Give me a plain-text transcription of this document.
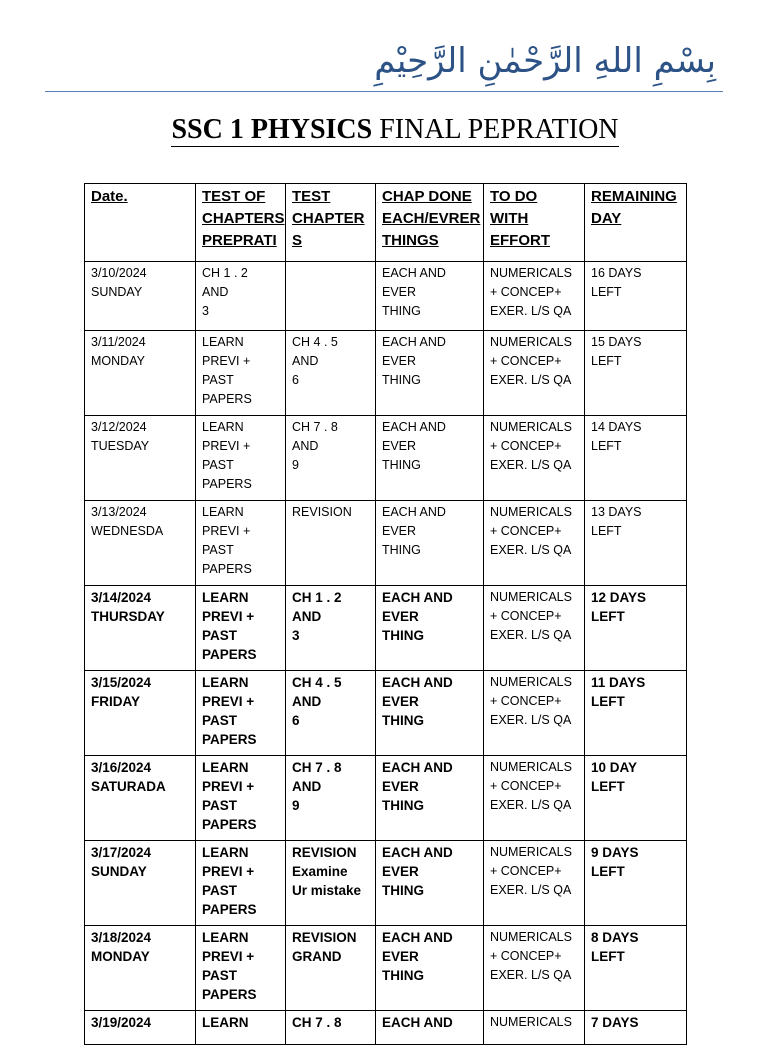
بِسْمِ اللهِ الرَّحْمٰنِ الرَّحِيْمِ
SSC 1 PHYSICS FINAL PEPRATION
Date.	TEST OF CHAPTERS PREPRATI	TEST CHAPTER S	CHAP DONE EACH/EVRER THINGS	TO DO WITH EFFORT	REMAINING DAY

3/10/2024
SUNDAY	CH 1 . 2
AND
3		EACH AND
EVER
THING	NUMERICALS
+ CONCEP+
EXER. L/S QA	16 DAYS
LEFT

3/11/2024
MONDAY	LEARN
PREVI +
PAST
PAPERS	CH 4 . 5
AND
6	EACH AND
EVER
THING	NUMERICALS
+ CONCEP+
EXER. L/S QA	15 DAYS
LEFT

3/12/2024
TUESDAY	LEARN
PREVI +
PAST
PAPERS	CH 7 . 8
AND
9	EACH AND
EVER
THING	NUMERICALS
+ CONCEP+
EXER. L/S QA	14 DAYS
LEFT

3/13/2024
WEDNESDA	LEARN
PREVI +
PAST
PAPERS	REVISION	EACH AND
EVER
THING	NUMERICALS
+ CONCEP+
EXER. L/S QA	13 DAYS
LEFT

3/14/2024
THURSDAY	LEARN
PREVI +
PAST
PAPERS	CH 1 . 2
AND
3	EACH AND
EVER
THING	NUMERICALS
+ CONCEP+
EXER. L/S QA	12 DAYS
LEFT

3/15/2024
FRIDAY	LEARN
PREVI +
PAST
PAPERS	CH 4 . 5
AND
6	EACH AND
EVER
THING	NUMERICALS
+ CONCEP+
EXER. L/S QA	11 DAYS
LEFT

3/16/2024
SATURADA	LEARN
PREVI +
PAST
PAPERS	CH 7 . 8
AND
9	EACH AND
EVER
THING	NUMERICALS
+ CONCEP+
EXER. L/S QA	10 DAY
LEFT

3/17/2024
SUNDAY	LEARN
PREVI +
PAST
PAPERS	REVISION
Examine
Ur mistake	EACH AND
EVER
THING	NUMERICALS
+ CONCEP+
EXER. L/S QA	9 DAYS
LEFT

3/18/2024
MONDAY	LEARN
PREVI +
PAST
PAPERS	REVISION
GRAND	EACH AND
EVER
THING	NUMERICALS
+ CONCEP+
EXER. L/S QA	8 DAYS
LEFT

3/19/2024	LEARN	CH 7 . 8	EACH AND	NUMERICALS	7 DAYS
